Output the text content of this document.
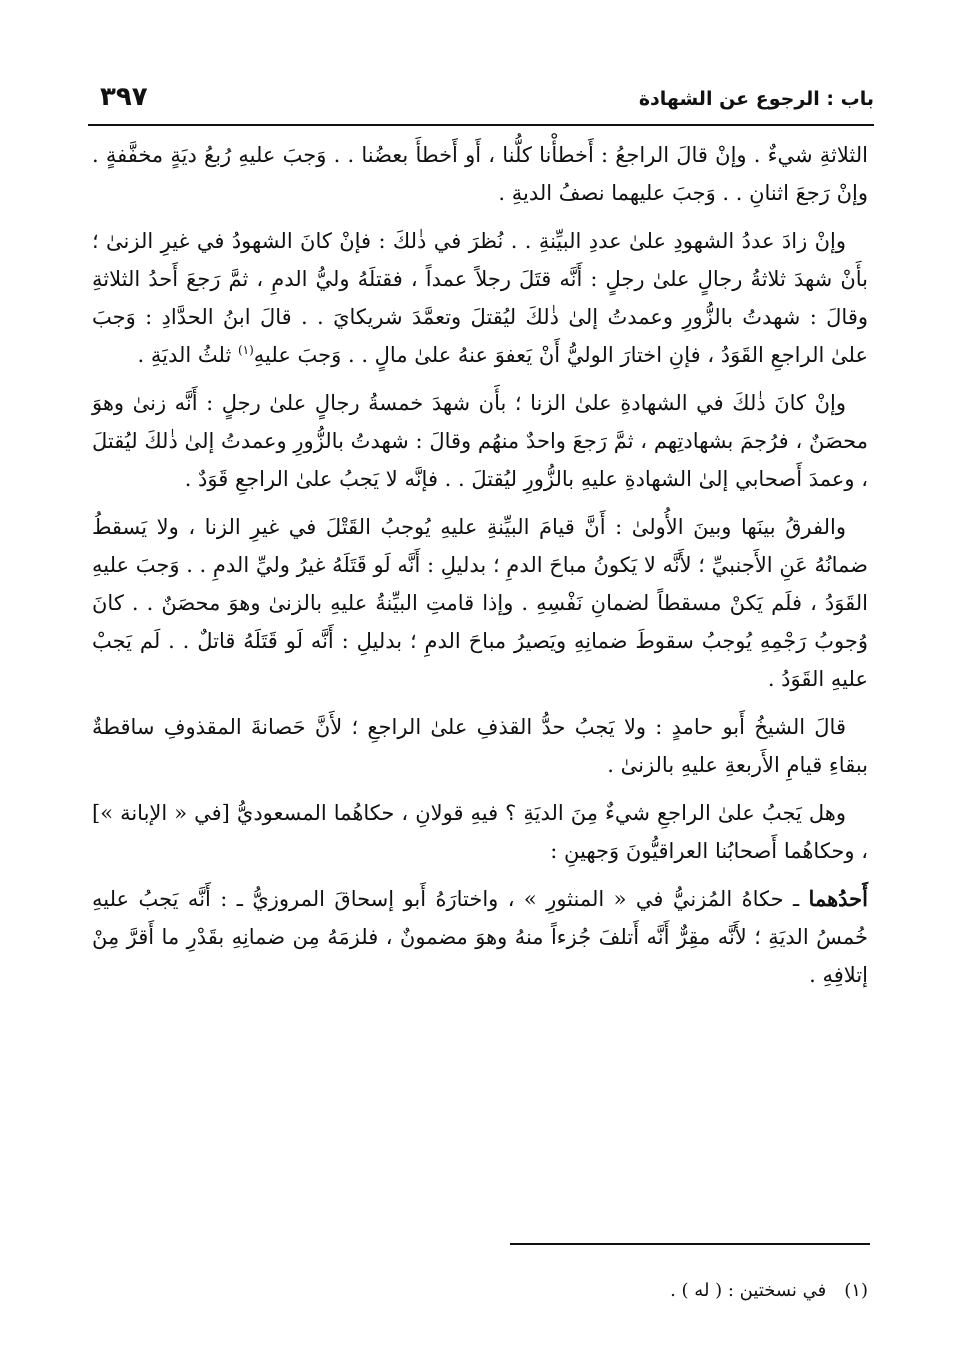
باب : الرجوع عن الشهادة
٣٩٧

الثلاثةِ شيءٌ . وإنْ قالَ الراجعُ : أَخطأْنا كلُّنا ، أَو أَخطأَ بعضُنا . . وَجبَ عليهِ رُبعُ ديَةٍ مخفَّفةٍ . وإنْ رَجعَ اثنانِ . . وَجبَ عليهما نصفُ الديةِ .

وإنْ زادَ عددُ الشهودِ علىٰ عددِ البيِّنةِ . . نُظرَ في ذٰلكَ : فإنْ كانَ الشهودُ في غيرِ الزنىٰ ؛ بأَنْ شهدَ ثلاثةُ رجالٍ علىٰ رجلٍ : أَنَّه قتَلَ رجلاً عمداً ، فقتلَهُ وليُّ الدمِ ، ثمَّ رَجعَ أَحدُ الثلاثةِ وقالَ : شهدتُ بالزُّورِ وعمدتُ إلىٰ ذٰلكَ ليُقتلَ وتعمَّدَ شريكايَ . . قالَ ابنُ الحدَّادِ : وَجبَ علىٰ الراجعِ القَوَدُ ، فإنِ اختارَ الوليُّ أَنْ يَعفوَ عنهُ علىٰ مالٍ . . وَجبَ عليهِ$^{(١)}$ ثلثُ الديَةِ .

وإنْ كانَ ذٰلكَ في الشهادةِ علىٰ الزنا ؛ بأَن شهدَ خمسةُ رجالٍ علىٰ رجلٍ : أَنَّه زنىٰ وهوَ محصَنٌ ، فرُجمَ بشهادتِهم ، ثمَّ رَجعَ واحدٌ منهُم وقالَ : شهدتُ بالزُّورِ وعمدتُ إلىٰ ذٰلكَ ليُقتلَ ، وعمدَ أَصحابي إلىٰ الشهادةِ عليهِ بالزُّورِ ليُقتلَ . . فإنَّه لا يَجبُ علىٰ الراجعِ قَوَدٌ .

والفرقُ بينَها وبينَ الأُولىٰ : أَنَّ قيامَ البيِّنةِ عليهِ يُوجبُ القَتْلَ في غيرِ الزنا ، ولا يَسقطُ ضمانُهُ عَنِ الأَجنبيِّ ؛ لأَنَّه لا يَكونُ مباحَ الدمِ ؛ بدليلِ : أَنَّه لَو قَتَلَهُ غيرُ وليِّ الدمِ . . وَجبَ عليهِ القَوَدُ ، فلَم يَكنْ مسقطاً لضمانِ نَفْسِهِ . وإذا قامتِ البيِّنةُ عليهِ بالزنىٰ وهوَ محصَنٌ . . كانَ وُجوبُ رَجْمِهِ يُوجبُ سقوطَ ضمانِهِ ويَصيرُ مباحَ الدمِ ؛ بدليلِ : أَنَّه لَو قَتَلَهُ قاتلٌ . . لَم يَجبْ عليهِ القَوَدُ .

قالَ الشيخُ أَبو حامدٍ : ولا يَجبُ حدُّ القذفِ علىٰ الراجعِ ؛ لأَنَّ حَصانةَ المقذوفِ ساقطةٌ ببقاءِ قيامِ الأَربعةِ عليهِ بالزنىٰ .

وهل يَجبُ علىٰ الراجعِ شيءٌ مِنَ الديَةِ ؟ فيهِ قولانِ ، حكاهُما المسعوديُّ [في « الإبانة »] ، وحكاهُما أَصحابُنا العراقيُّونَ وَجهينِ :

أَحدُهما ـ حكاهُ المُزنيُّ في « المنثورِ » ، واختارَهُ أَبو إسحاقَ المروزيُّ ـ : أَنَّه يَجبُ عليهِ خُمسُ الديَةِ ؛ لأَنَّه مقِرٌّ أَنَّه أَتلفَ جُزءاً منهُ وهوَ مضمونٌ ، فلزمَهُ مِن ضمانِهِ بقَدْرِ ما أَقرَّ مِنْ إتلافِهِ .

(١)في نسختين : ( له ) .
